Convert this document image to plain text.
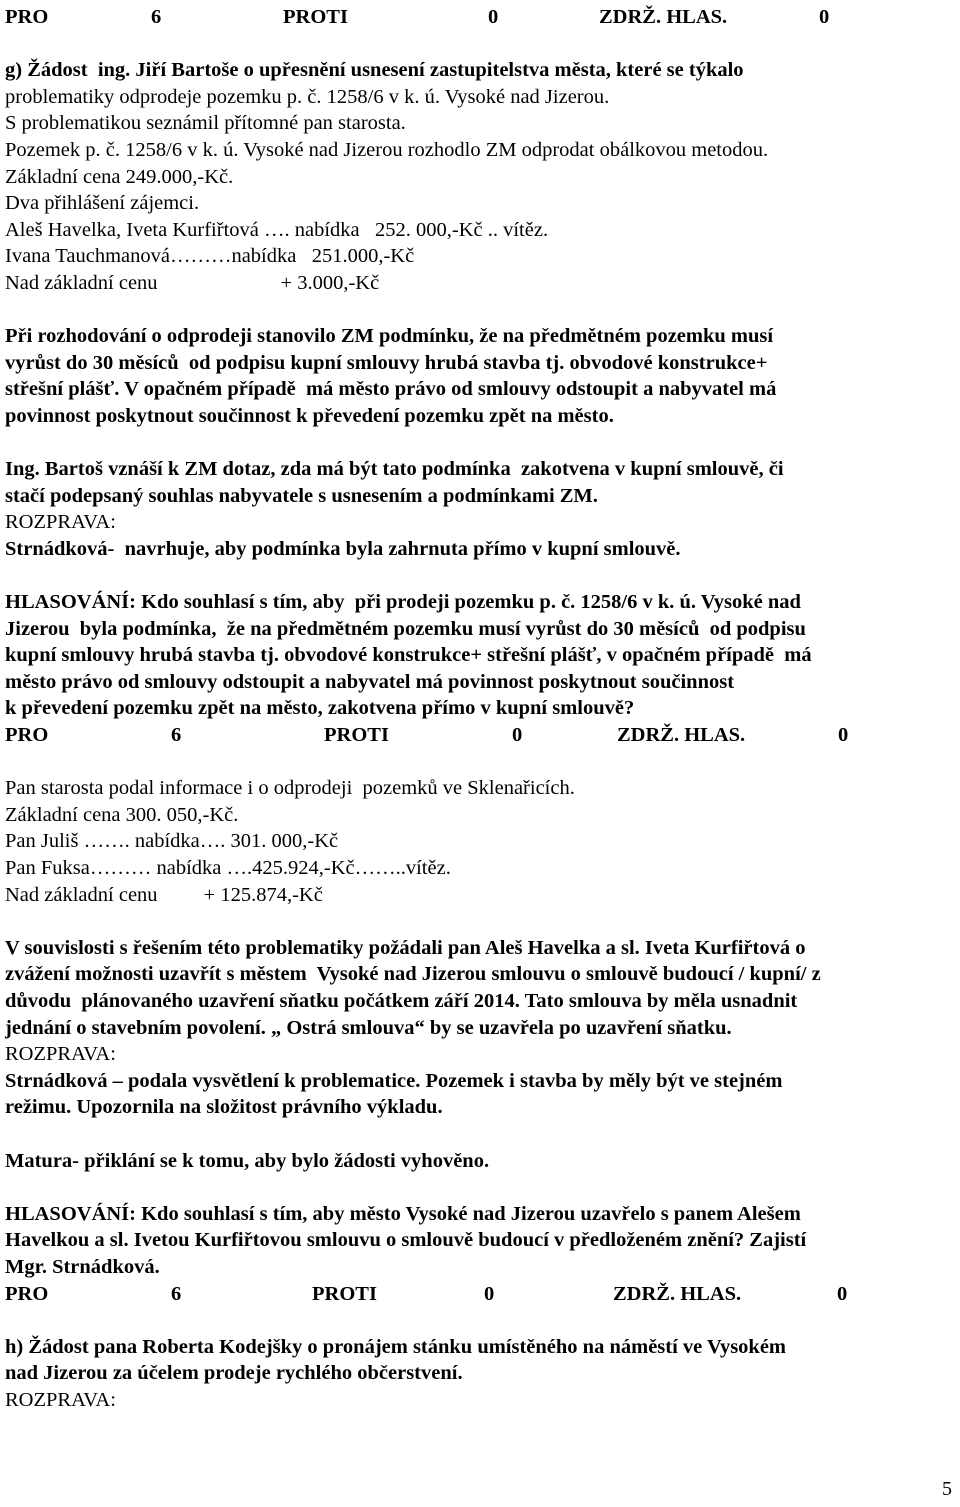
PRO	6	PROTI	0	ZDRŽ. HLAS.	0
g) Žádost  ing. Jiří Bartoše o upřesnění usnesení zastupitelstva města, které se týkalo
problematiky odprodeje pozemku p. č. 1258/6 v k. ú. Vysoké nad Jizerou.
S problematikou seznámil přítomné pan starosta.
Pozemek p. č. 1258/6 v k. ú. Vysoké nad Jizerou rozhodlo ZM odprodat obálkovou metodou.
Základní cena 249.000,-Kč.
Dva přihlášení zájemci.
Aleš Havelka, Iveta Kurfiřtová …. nabídka   252. 000,-Kč .. vítěz.
Ivana Tauchmanová………nabídka   251.000,-Kč
Nad základní cenu                        + 3.000,-Kč
Při rozhodování o odprodeji stanovilo ZM podmínku, že na předmětném pozemku musí
vyrůst do 30 měsíců  od podpisu kupní smlouvy hrubá stavba tj. obvodové konstrukce+
střešní plášť. V opačném případě  má město právo od smlouvy odstoupit a nabyvatel má
povinnost poskytnout součinnost k převedení pozemku zpět na město.
Ing. Bartoš vznáší k ZM dotaz, zda má být tato podmínka  zakotvena v kupní smlouvě, či
stačí podepsaný souhlas nabyvatele s usnesením a podmínkami ZM.
ROZPRAVA:
Strnádková-  navrhuje, aby podmínka byla zahrnuta přímo v kupní smlouvě.
HLASOVÁNÍ: Kdo souhlasí s tím, aby  při prodeji pozemku p. č. 1258/6 v k. ú. Vysoké nad
Jizerou  byla podmínka,  že na předmětném pozemku musí vyrůst do 30 měsíců  od podpisu
kupní smlouvy hrubá stavba tj. obvodové konstrukce+ střešní plášť, v opačném případě  má
město právo od smlouvy odstoupit a nabyvatel má povinnost poskytnout součinnost
k převedení pozemku zpět na město, zakotvena přímo v kupní smlouvě?
PRO	6	PROTI	0	ZDRŽ. HLAS.	0
Pan starosta podal informace i o odprodeji  pozemků ve Sklenařicích.
Základní cena 300. 050,-Kč.
Pan Juliš ……. nabídka…. 301. 000,-Kč
Pan Fuksa……… nabídka ….425.924,-Kč……..vítěz.
Nad základní cenu         + 125.874,-Kč
V souvislosti s řešením této problematiky požádali pan Aleš Havelka a sl. Iveta Kurfiřtová o
zvážení možnosti uzavřít s městem  Vysoké nad Jizerou smlouvu o smlouvě budoucí / kupní/ z
důvodu  plánovaného uzavření sňatku počátkem září 2014. Tato smlouva by měla usnadnit
jednání o stavebním povolení. „ Ostrá smlouva“ by se uzavřela po uzavření sňatku.
ROZPRAVA:
Strnádková – podala vysvětlení k problematice. Pozemek i stavba by měly být ve stejném
režimu. Upozornila na složitost právního výkladu.
Matura- přiklání se k tomu, aby bylo žádosti vyhověno.
HLASOVÁNÍ: Kdo souhlasí s tím, aby město Vysoké nad Jizerou uzavřelo s panem Alešem
Havelkou a sl. Ivetou Kurfiřtovou smlouvu o smlouvě budoucí v předloženém znění? Zajistí
Mgr. Strnádková.
PRO	6	PROTI	0	ZDRŽ. HLAS.	0
h) Žádost pana Roberta Kodejšky o pronájem stánku umístěného na náměstí ve Vysokém
nad Jizerou za účelem prodeje rychlého občerstvení.
ROZPRAVA:
5
